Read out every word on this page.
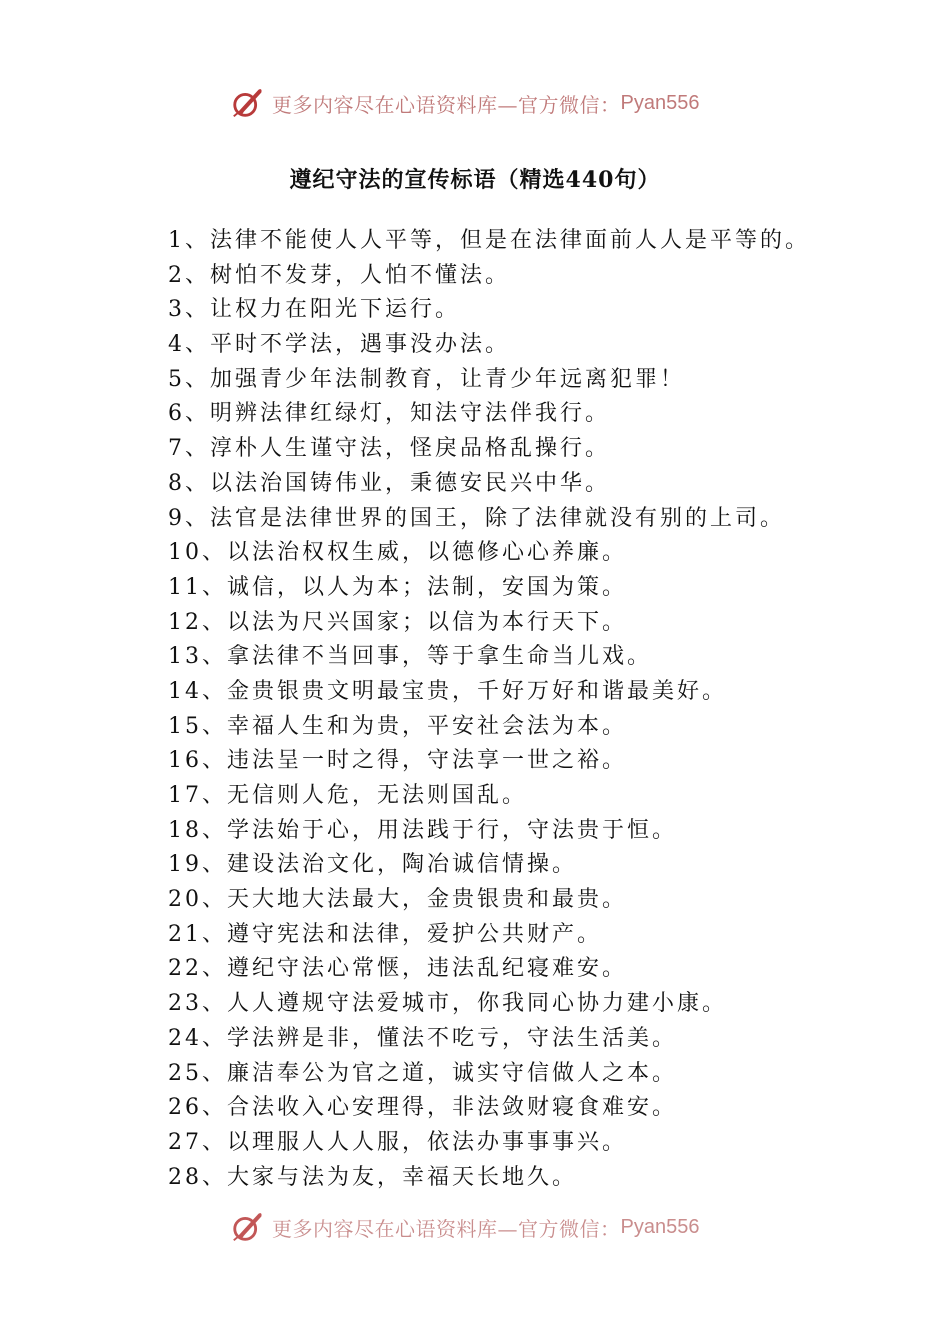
更多内容尽在心语资料库—官方微信： Pyan556
遵纪守法的宣传标语（精选440句）
1、法律不能使人人平等，但是在法律面前人人是平等的。
2、树怕不发芽，人怕不懂法。
3、让权力在阳光下运行。
4、平时不学法，遇事没办法。
5、加强青少年法制教育，让青少年远离犯罪！
6、明辨法律红绿灯，知法守法伴我行。
7、淳朴人生谨守法，怪戾品格乱操行。
8、以法治国铸伟业，秉德安民兴中华。
9、法官是法律世界的国王，除了法律就没有别的上司。
10、以法治权权生威，以德修心心养廉。
11、诚信，以人为本；法制，安国为策。
12、以法为尺兴国家；以信为本行天下。
13、拿法律不当回事，等于拿生命当儿戏。
14、金贵银贵文明最宝贵，千好万好和谐最美好。
15、幸福人生和为贵，平安社会法为本。
16、违法呈一时之得，守法享一世之裕。
17、无信则人危，无法则国乱。
18、学法始于心，用法践于行，守法贵于恒。
19、建设法治文化，陶冶诚信情操。
20、天大地大法最大，金贵银贵和最贵。
21、遵守宪法和法律，爱护公共财产。
22、遵纪守法心常惬，违法乱纪寝难安。
23、人人遵规守法爱城市，你我同心协力建小康。
24、学法辨是非，懂法不吃亏，守法生活美。
25、廉洁奉公为官之道，诚实守信做人之本。
26、合法收入心安理得，非法敛财寝食难安。
27、以理服人人人服，依法办事事事兴。
28、大家与法为友，幸福天长地久。
更多内容尽在心语资料库—官方微信： Pyan556
